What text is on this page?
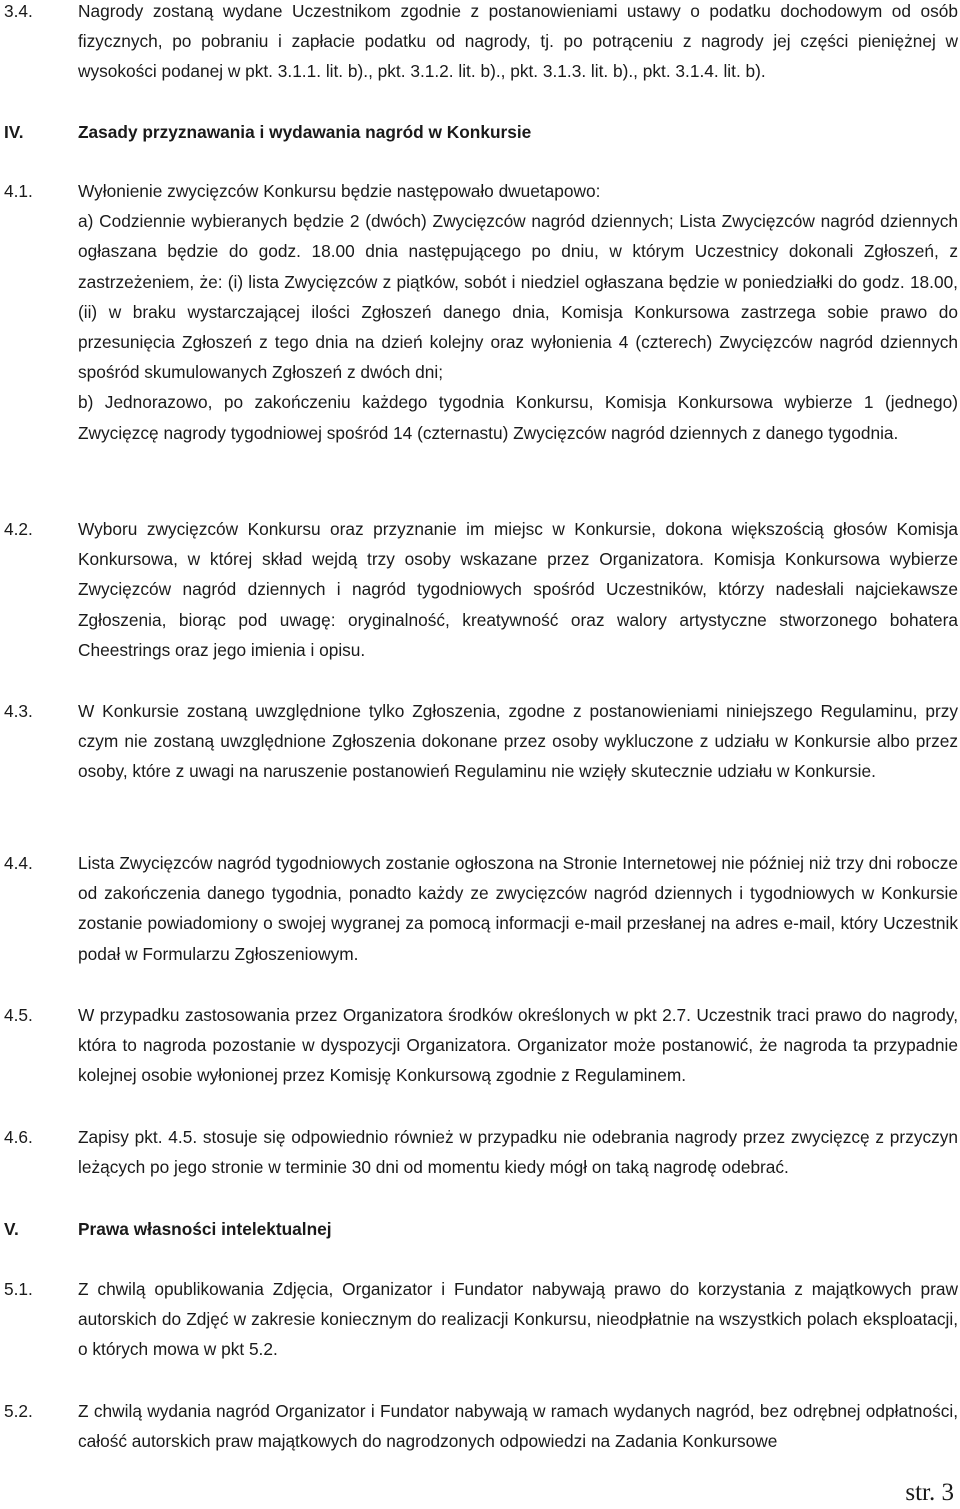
3.4.	Nagrody zostaną wydane Uczestnikom zgodnie z postanowieniami ustawy o podatku dochodowym od osób fizycznych, po pobraniu i zapłacie podatku od nagrody, tj. po potrąceniu z nagrody jej części pieniężnej w wysokości podanej w pkt. 3.1.1. lit. b)., pkt. 3.1.2. lit. b)., pkt. 3.1.3. lit. b)., pkt. 3.1.4. lit. b).

IV.	Zasady przyznawania i wydawania nagród w Konkursie
4.1.	Wyłonienie zwycięzców Konkursu będzie następowało dwuetapowo:

a) Codziennie wybieranych będzie 2 (dwóch) Zwycięzców nagród dziennych; Lista Zwycięzców nagród dziennych ogłaszana będzie do godz. 18.00 dnia następującego po dniu, w którym Uczestnicy dokonali Zgłoszeń, z zastrzeżeniem, że: (i) lista Zwycięzców z piątków, sobót i niedziel ogłaszana będzie w poniedziałki do godz. 18.00, (ii) w braku wystarczającej ilości Zgłoszeń danego dnia, Komisja Konkursowa zastrzega sobie prawo do przesunięcia Zgłoszeń z tego dnia na dzień kolejny oraz wyłonienia 4 (czterech) Zwycięzców nagród dziennych spośród skumulowanych Zgłoszeń z dwóch dni;

b) Jednorazowo, po zakończeniu każdego tygodnia Konkursu, Komisja Konkursowa wybierze 1 (jednego) Zwycięzcę nagrody tygodniowej spośród 14 (czternastu) Zwycięzców nagród dziennych z danego tygodnia.

4.2.	Wyboru zwycięzców Konkursu oraz przyznanie im miejsc w Konkursie, dokona większością głosów Komisja Konkursowa, w której skład wejdą trzy osoby wskazane przez Organizatora. Komisja Konkursowa wybierze Zwycięzców nagród dziennych i nagród tygodniowych spośród Uczestników, którzy nadesłali najciekawsze Zgłoszenia, biorąc pod uwagę: oryginalność, kreatywność oraz walory artystyczne stworzonego bohatera Cheestrings oraz jego imienia i opisu.

4.3.	W Konkursie zostaną uwzględnione tylko Zgłoszenia, zgodne z postanowieniami niniejszego Regulaminu, przy czym nie zostaną uwzględnione Zgłoszenia dokonane przez osoby wykluczone z udziału w Konkursie albo przez osoby, które z uwagi na naruszenie postanowień Regulaminu nie wzięły skutecznie udziału w Konkursie.

4.4.	Lista Zwycięzców nagród tygodniowych zostanie ogłoszona na Stronie Internetowej nie później niż trzy dni robocze od zakończenia danego tygodnia, ponadto każdy ze zwycięzców nagród dziennych i tygodniowych w Konkursie zostanie powiadomiony o swojej wygranej za pomocą informacji e-mail przesłanej na adres e-mail, który Uczestnik podał w Formularzu Zgłoszeniowym.

4.5.	W przypadku zastosowania przez Organizatora środków określonych w pkt 2.7. Uczestnik traci prawo do nagrody, która to nagroda pozostanie w dyspozycji Organizatora. Organizator może postanowić, że nagroda ta przypadnie kolejnej osobie wyłonionej przez Komisję Konkursową zgodnie z Regulaminem.

4.6.	Zapisy pkt. 4.5. stosuje się odpowiednio również w przypadku nie odebrania nagrody przez zwycięzcę z przyczyn leżących po jego stronie w terminie 30 dni od momentu kiedy mógł on taką nagrodę odebrać.

V.	Prawa własności intelektualnej
5.1.	Z chwilą opublikowania Zdjęcia, Organizator i Fundator nabywają prawo do korzystania z majątkowych praw autorskich do Zdjęć w zakresie koniecznym do realizacji Konkursu, nieodpłatnie na wszystkich polach eksploatacji, o których mowa w pkt 5.2.

5.2.	Z chwilą wydania nagród Organizator i Fundator nabywają w ramach wydanych nagród, bez odrębnej odpłatności, całość autorskich praw majątkowych do nagrodzonych odpowiedzi na Zadania Konkursowe

str. 3
